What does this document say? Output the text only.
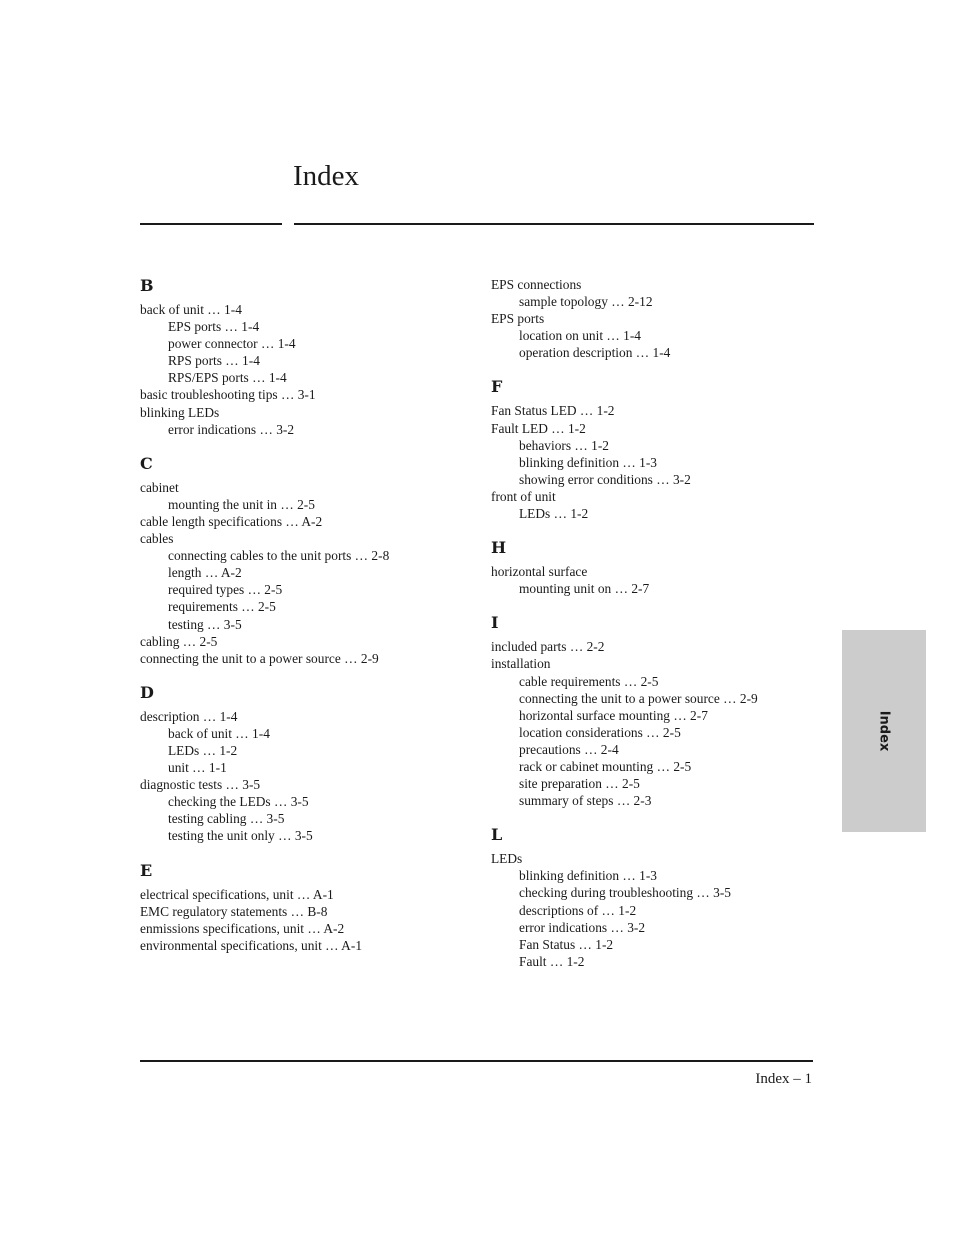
Index
B
back of unit … 1-4
EPS ports … 1-4
power connector … 1-4
RPS ports … 1-4
RPS/EPS ports … 1-4
basic troubleshooting tips … 3-1
blinking LEDs
error indications … 3-2
C
cabinet
mounting the unit in … 2-5
cable length specifications … A-2
cables
connecting cables to the unit ports … 2-8
length … A-2
required types … 2-5
requirements … 2-5
testing … 3-5
cabling … 2-5
connecting the unit to a power source … 2-9
D
description … 1-4
back of unit … 1-4
LEDs … 1-2
unit … 1-1
diagnostic tests … 3-5
checking the LEDs … 3-5
testing cabling … 3-5
testing the unit only … 3-5
E
electrical specifications, unit … A-1
EMC regulatory statements … B-8
enmissions specifications, unit … A-2
environmental specifications, unit … A-1
EPS connections
sample topology … 2-12
EPS ports
location on unit … 1-4
operation description … 1-4
F
Fan Status LED … 1-2
Fault LED … 1-2
behaviors … 1-2
blinking definition … 1-3
showing error conditions … 3-2
front of unit
LEDs … 1-2
H
horizontal surface
mounting unit on … 2-7
I
included parts … 2-2
installation
cable requirements … 2-5
connecting the unit to a power source … 2-9
horizontal surface mounting … 2-7
location considerations … 2-5
precautions … 2-4
rack or cabinet mounting … 2-5
site preparation … 2-5
summary of steps … 2-3
L
LEDs
blinking definition … 1-3
checking during troubleshooting … 3-5
descriptions of … 1-2
error indications … 3-2
Fan Status … 1-2
Fault … 1-2
Index
Index – 1
